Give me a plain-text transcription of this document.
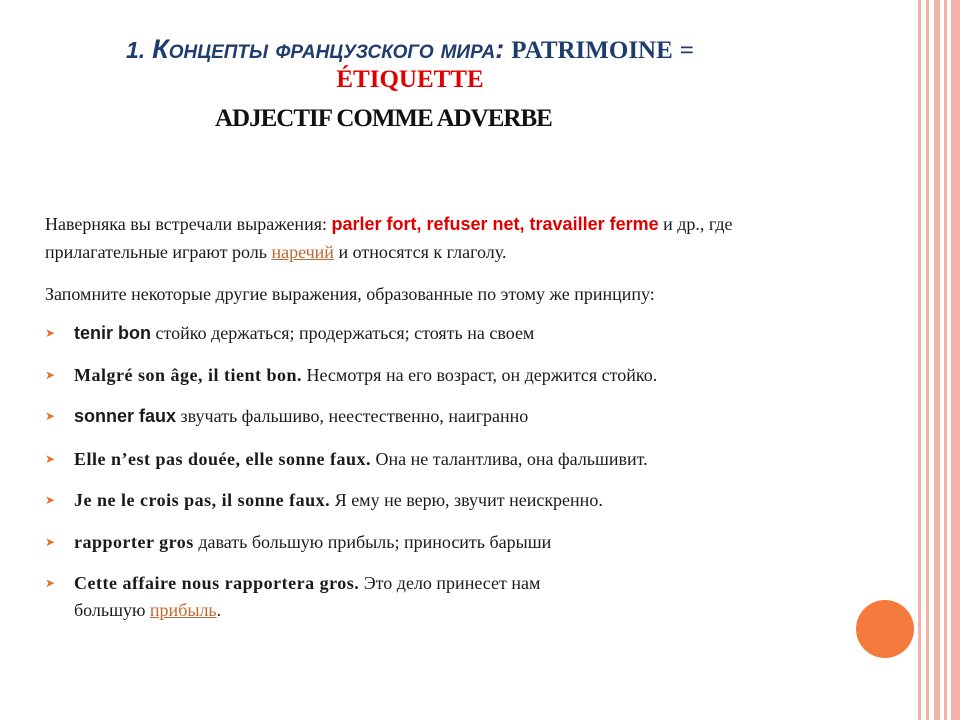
1. Концепты французского мира: PATRIMOINE =
ÉTIQUETTE
ADJECTIF COMME ADVERBE
Наверняка вы встречали выражения: parler fort, refuser net, travailler ferme и др., где прилагательные играют роль наречий и относятся к глаголу.
Запомните некоторые другие выражения, образованные по этому же принципу:
➤ tenir bon стойко держаться; продержаться; стоять на своем
➤ Malgré son âge, il tient bon. Несмотря на его возраст, он держится стойко.
➤ sonner faux звучать фальшиво, неестественно, наигранно
➤ Elle n’est pas douée, elle sonne faux. Она не талантлива, она фальшивит.
➤ Je ne le crois pas, il sonne faux. Я ему не верю, звучит неискренно.
➤ rapporter gros давать большую прибыль; приносить барыши
➤ Cette affaire nous rapportera gros. Это дело принесет нам
большую прибыль.
